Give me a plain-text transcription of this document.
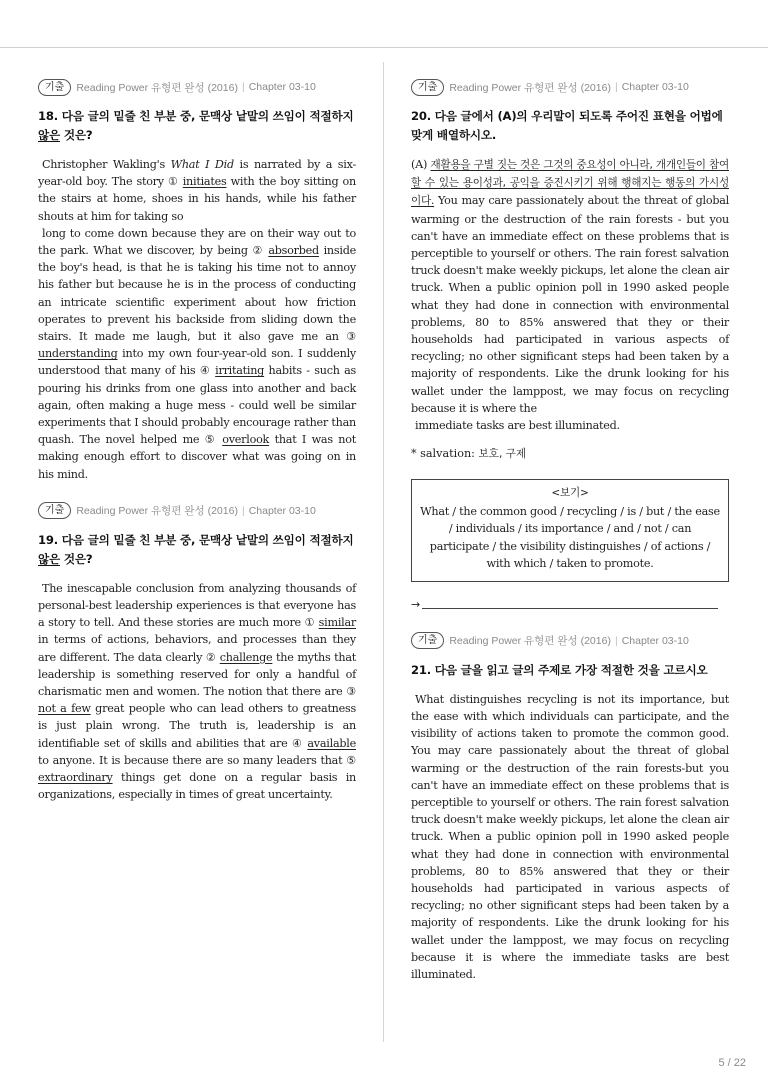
기출	Reading Power 유형편 완성 (2016) | Chapter 03-10
18. 다음 글의 밑줄 친 부분 중, 문맥상 낱말의 쓰임이 적절하지 않은 것은?
Christopher Wakling's What I Did is narrated by a six-year-old boy. The story ① initiates with the boy sitting on the stairs at home, shoes in his hands, while his father shouts at him for taking so
long to come down because they are on their way out to the park. What we discover, by being ② absorbed inside the boy's head, is that he is taking his time not to annoy his father but because he is in the process of conducting an intricate scientific experiment about how friction operates to prevent his backside from sliding down the stairs. It made me laugh, but it also gave me an ③ understanding into my own four-year-old son. I suddenly understood that many of his ④ irritating habits - such as pouring his drinks from one glass into another and back again, often making a huge mess - could well be similar experiments that I should probably encourage rather than quash. The novel helped me ⑤ overlook that I was not making enough effort to discover what was going on in his mind.
기출	Reading Power 유형편 완성 (2016) | Chapter 03-10
19. 다음 글의 밑줄 친 부분 중, 문맥상 낱말의 쓰임이 적절하지 않은 것은?
The inescapable conclusion from analyzing thousands of personal-best leadership experiences is that everyone has a story to tell. And these stories are much more ① similar in terms of actions, behaviors, and processes than they are different. The data clearly ② challenge the myths that leadership is something reserved for only a handful of charismatic men and women. The notion that there are ③ not a few great people who can lead others to greatness is just plain wrong. The truth is, leadership is an identifiable set of skills and abilities that are ④ available to anyone. It is because there are so many leaders that ⑤ extraordinary things get done on a regular basis in organizations, especially in times of great uncertainty.
기출	Reading Power 유형편 완성 (2016) | Chapter 03-10
20. 다음 글에서 (A)의 우리말이 되도록 주어진 표현을 어법에 맞게 배열하시오.
(A) 재활용을 구별 짓는 것은 그것의 중요성이 아니라, 개개인들이 참여 할 수 있는 용이성과, 공익을 증진시키기 위해 행해지는 행동의 가시성이다. You may care passionately about the threat of global warming or the destruction of the rain forests - but you can't have an immediate effect on these problems that is perceptible to yourself or others. The rain forest salvation truck doesn't make weekly pickups, let alone the clean air truck. When a public opinion poll in 1990 asked people what they had done in connection with environmental problems, 80 to 85% answered that they or their households had participated in various aspects of recycling; no other significant steps had been taken by a majority of respondents. Like the drunk looking for his wallet under the lamppost, we may focus on recycling because it is where the
immediate tasks are best illuminated.
* salvation: 보호, 구제
<보기>
What / the common good / recycling / is / but / the ease / individuals / its importance / and / not / can participate / the visibility distinguishes / of actions / with which / taken to promote.
→
기출	Reading Power 유형편 완성 (2016) | Chapter 03-10
21. 다음 글을 읽고 글의 주제로 가장 적절한 것을 고르시오
What distinguishes recycling is not its importance, but the ease with which individuals can participate, and the visibility of actions taken to promote the common good. You may care passionately about the threat of global warming or the destruction of the rain forests-but you can't have an immediate effect on these problems that is perceptible to yourself or others. The rain forest salvation truck doesn't make weekly pickups, let alone the clean air truck. When a public opinion poll in 1990 asked people what they had done in connection with environmental problems, 80 to 85% answered that they or their households had participated in various aspects of recycling; no other significant steps had been taken by a majority of respondents. Like the drunk looking for his wallet under the lamppost, we may focus on recycling because it is where the immediate tasks are best illuminated.
5 / 22
